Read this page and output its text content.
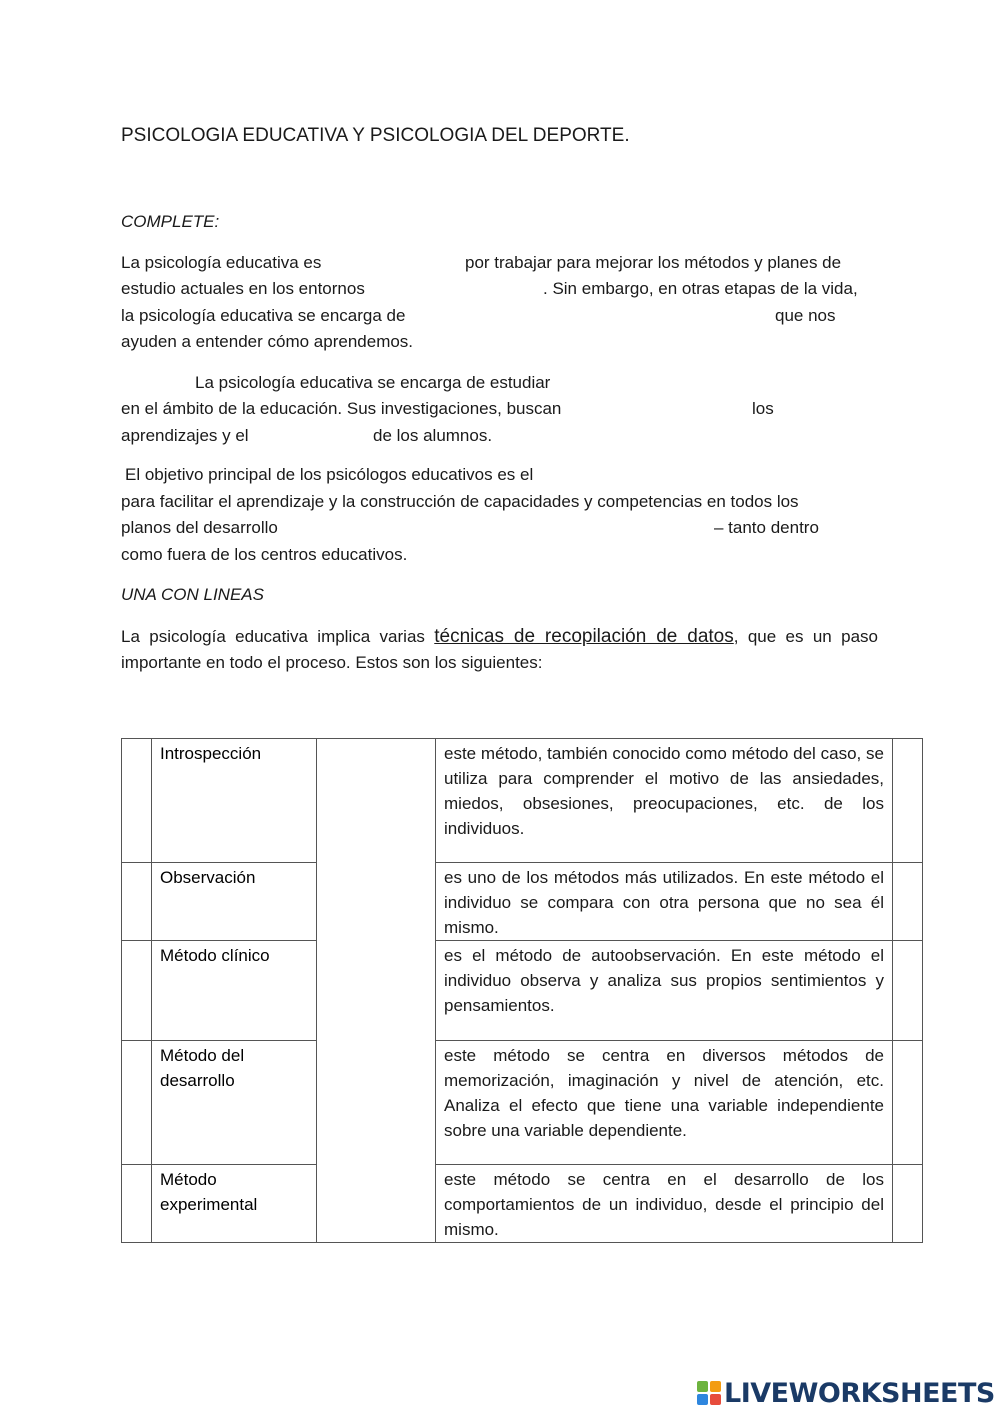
PSICOLOGIA EDUCATIVA Y PSICOLOGIA DEL DEPORTE.
COMPLETE:
La psicología educativa es	por trabajar para mejorar los métodos y planes de
estudio actuales en los entornos	. Sin embargo, en otras etapas de la vida,
la psicología educativa se encarga de	que nos
ayuden a entender cómo aprendemos.
La psicología educativa se encarga de estudiar
en el ámbito de la educación. Sus investigaciones, buscan	los
aprendizajes y el	de los alumnos.
El objetivo principal de los psicólogos educativos es el
para facilitar el aprendizaje y la construcción de capacidades y competencias en todos los
planos del desarrollo	– tanto dentro
como fuera de los centros educativos.
UNA CON LINEAS
La psicología educativa implica varias técnicas de recopilación de datos, que es un paso importante en todo el proceso. Estos son los siguientes:
	Introspección		este método, también conocido como método del caso, se utiliza para comprender el motivo de las ansiedades, miedos, obsesiones, preocupaciones, etc. de los individuos.	
	Observación		es uno de los métodos más utilizados. En este método el individuo se compara con otra persona que no sea él mismo.	
	Método clínico		es el método de autoobservación. En este método el individuo observa y analiza sus propios sentimientos y pensamientos.	
	Método del desarrollo		este método se centra en diversos métodos de memorización, imaginación y nivel de atención, etc. Analiza el efecto que tiene una variable independiente sobre una variable dependiente.	
	Método experimental		este método se centra en el desarrollo de los comportamientos de un individuo, desde el principio del mismo.	
LIVEWORKSHEETS
